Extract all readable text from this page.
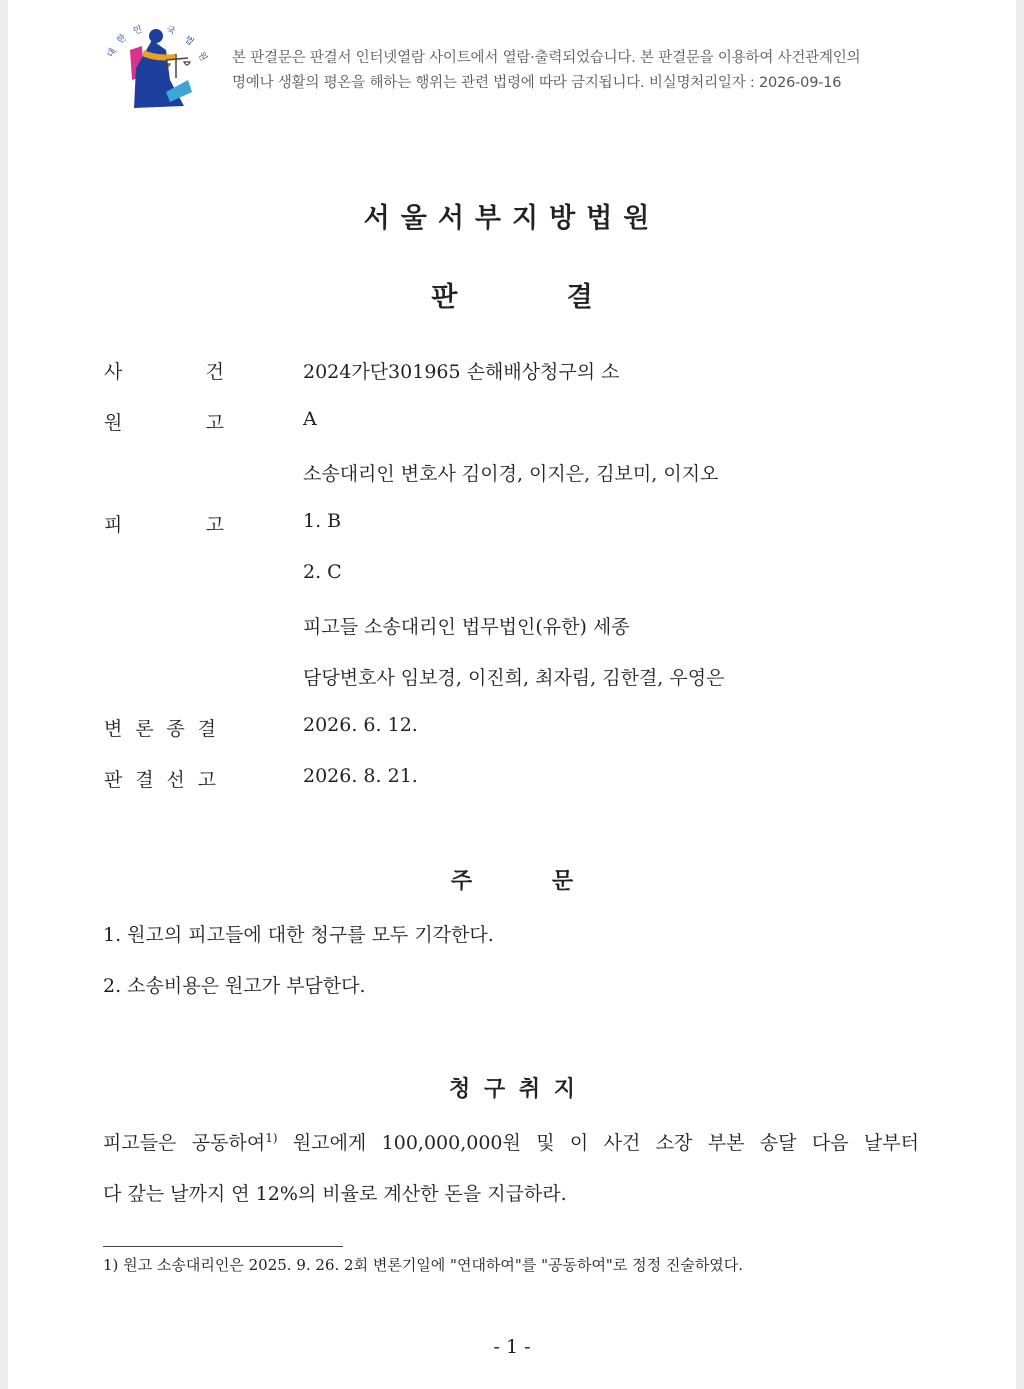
대
한
민 국
법
원 본 판결문은 판결서 인터넷열람 사이트에서 열람·출력되었습니다. 본 판결문을 이용하여 사건관계인의
명예나 생활의 평온을 해하는 행위는 관련 법령에 따라 금지됩니다. 비실명처리일자 : 2026-09-16
서울서부지방법원
판 결
사	건	2024가단301965 손해배상청구의 소
원	고	A
소송대리인 변호사 김이경, 이지은, 김보미, 이지오
피	고	1. B
2. C
피고들 소송대리인 법무법인(유한) 세종
담당변호사 임보경, 이진희, 최자림, 김한결, 우영은
변 론 종 결	2026. 6. 12.
판 결 선 고	2026. 8. 21.
주 문
1. 원고의 피고들에 대한 청구를 모두 기각한다.
2. 소송비용은 원고가 부담한다.
청 구 취 지
피고들은 공동하여$^{1)}$ 원고에게 100,000,000원 및 이 사건 소장 부본 송달 다음 날부터
다 갚는 날까지 연 12%의 비율로 계산한 돈을 지급하라.
1) 원고 소송대리인은 2025. 9. 26. 2회 변론기일에 "연대하여"를 "공동하여"로 정정 진술하였다.
- 1 -
